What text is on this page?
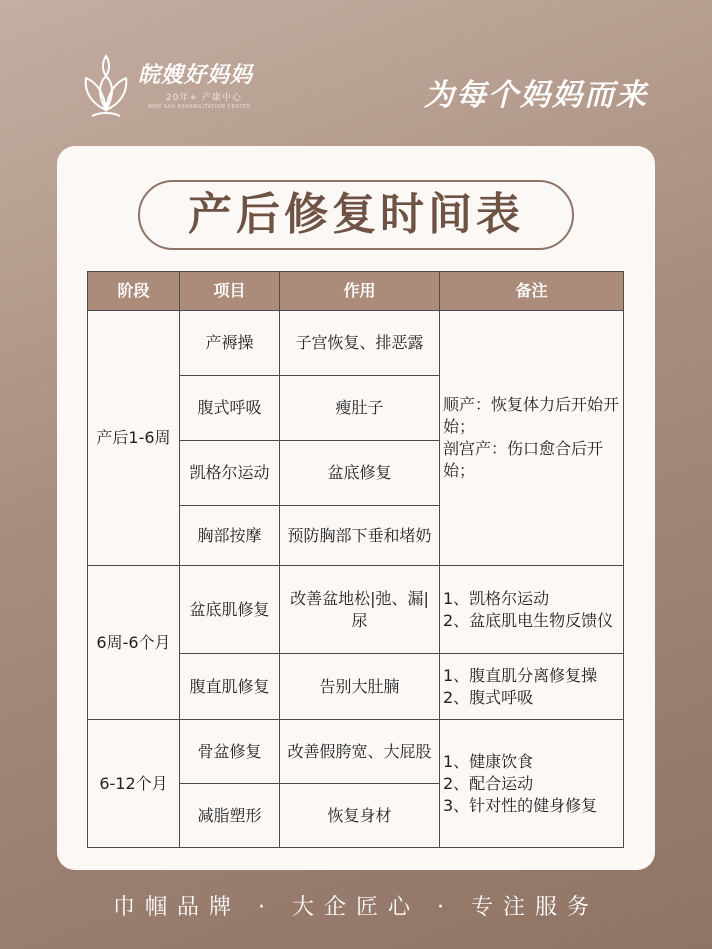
皖嫂好妈妈
20年+ 产康中心
WAN SAO REHABILITATION CENTER	为每个妈妈而来
产后修复时间表
阶段	项目	作用	备注
产后1-6周	产褥操	子宫恢复、排恶露	顺产：恢复体力后开始开始；
剖宫产：伤口愈合后开始；
	腹式呼吸	瘦肚子	
	凯格尔运动	盆底修复	
	胸部按摩	预防胸部下垂和堵奶	
6周-6个月	盆底肌修复	改善盆地松|弛、漏|尿	1、凯格尔运动
2、盆底肌电生物反馈仪
	腹直肌修复	告别大肚腩	1、腹直肌分离修复操
2、腹式呼吸
6-12个月	骨盆修复	改善假胯宽、大屁股	1、健康饮食
2、配合运动
3、针对性的健身修复
	减脂塑形	恢复身材	
巾帼品牌 · 大企匠心 · 专注服务
